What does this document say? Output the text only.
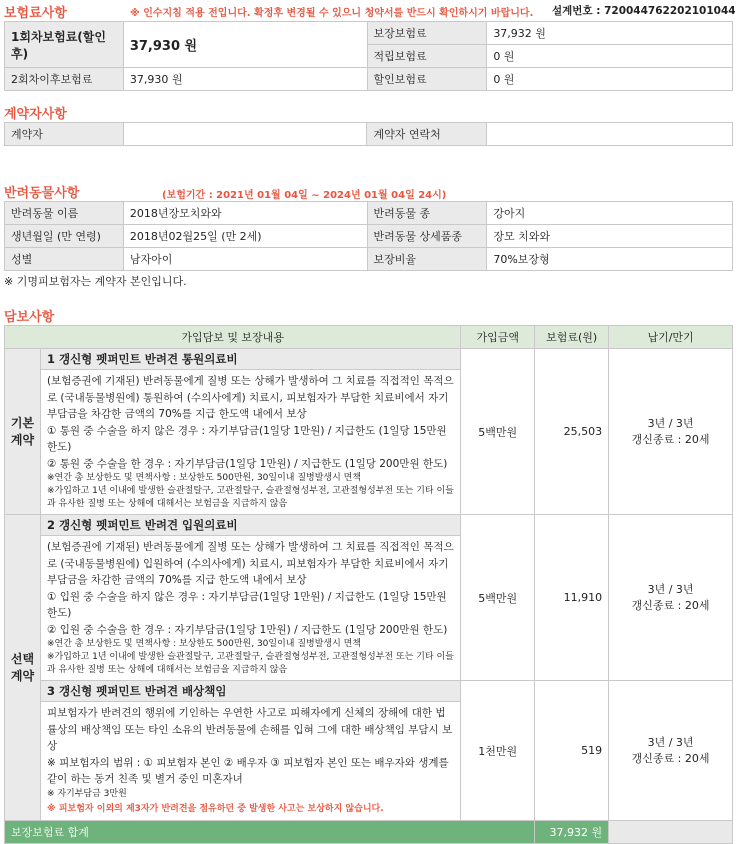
보험료사항	※ 인수지침 적용 전입니다. 확정후 변경될 수 있으니 청약서를 반드시 확인하시기 바랍니다. 설계번호 : 720044762202101044
1회차보험료(할인후)	37,930 원	보장보험료	37,932 원
		적립보험료	0 원
2회차이후보험료	37,930 원	할인보험료	0 원
계약자사항
계약자		계약자 연락처	
반려동물사항	(보험기간 : 2021년 01월 04일 ~ 2024년 01월 04일 24시)
반려동물 이름	2018년장모치와와	반려동물 종	강아지
생년월일 (만 연령)	2018년02월25일 (만 2세)	반려동물 상세품종	장모 치와와
성별	남자아이	보장비율	70%보장형
※ 기명피보험자는 계약자 본인입니다.
담보사항
가입담보 및 보장내용		가입금액	보험료(원)	납기/만기
기본
계약	1 갱신형 펫퍼민트 반려견 통원의료비	5백만원	25,503	3년 / 3년
갱신종료 : 20세

	(보험증권에 기재된) 반려동물에게 질병 또는 상해가 발생하여 그 치료를 직접적인 목적으로 (국내동물병원에) 통원하여 (수의사에게) 치료시, 피보험자가 부담한 치료비에서 자기부담금을 차감한 금액의 70%를 지급 한도액 내에서 보상
① 통원 중 수술을 하지 않은 경우 : 자기부담금(1일당 1만원) / 지급한도 (1일당 15만원 한도)
② 통원 중 수술을 한 경우 : 자기부담금(1일당 1만원) / 지급한도 (1일당 200만원 한도)
※연간 총 보상한도 및 면책사항 : 보상한도 500만원, 30일이내 질병발생시 면책
※가입하고 1년 이내에 발생한 슬관절탈구, 고관절탈구, 슬관절형성부전, 고관절형성부전 또는 기타 이들과 유사한 질병 또는 상해에 대해서는 보험금을 지급하지 않음			

선택
계약	2 갱신형 펫퍼민트 반려견 입원의료비	5백만원	11,910	3년 / 3년
갱신종료 : 20세

	(보험증권에 기재된) 반려동물에게 질병 또는 상해가 발생하여 그 치료를 직접적인 목적으로 (국내동물병원에) 입원하여 (수의사에게) 치료시, 피보험자가 부담한 치료비에서 자기부담금을 차감한 금액의 70%를 지급 한도액 내에서 보상
① 입원 중 수술을 하지 않은 경우 : 자기부담금(1일당 1만원) / 지급한도 (1일당 15만원 한도)
② 입원 중 수술을 한 경우 : 자기부담금(1일당 1만원) / 지급한도 (1일당 200만원 한도)
※연간 총 보상한도 및 면책사항 : 보상한도 500만원, 30일이내 질병발생시 면책
※가입하고 1년 이내에 발생한 슬관절탈구, 고관절탈구, 슬관절형성부전, 고관절형성부전 또는 기타 이들과 유사한 질병 또는 상해에 대해서는 보험금을 지급하지 않음			

	3 갱신형 펫퍼민트 반려견 배상책임	1천만원	519	3년 / 3년
갱신종료 : 20세

	피보험자가 반려견의 행위에 기인하는 우연한 사고로 피해자에게 신체의 장해에 대한 법률상의 배상책임 또는 타인 소유의 반려동물에 손해를 입혀 그에 대한 배상책임 부담시 보상
※ 피보험자의 범위 : ① 피보험자 본인 ② 배우자 ③ 피보험자 본인 또는 배우자와 생계를 같이 하는 동거 친족 및 별거 중인 미혼자녀
※ 자기부담금 3만원
※ 피보험자 이외의 제3자가 반려견을 점유하던 중 발생한 사고는 보상하지 않습니다.			

보장보험료 합계			37,932 원	
